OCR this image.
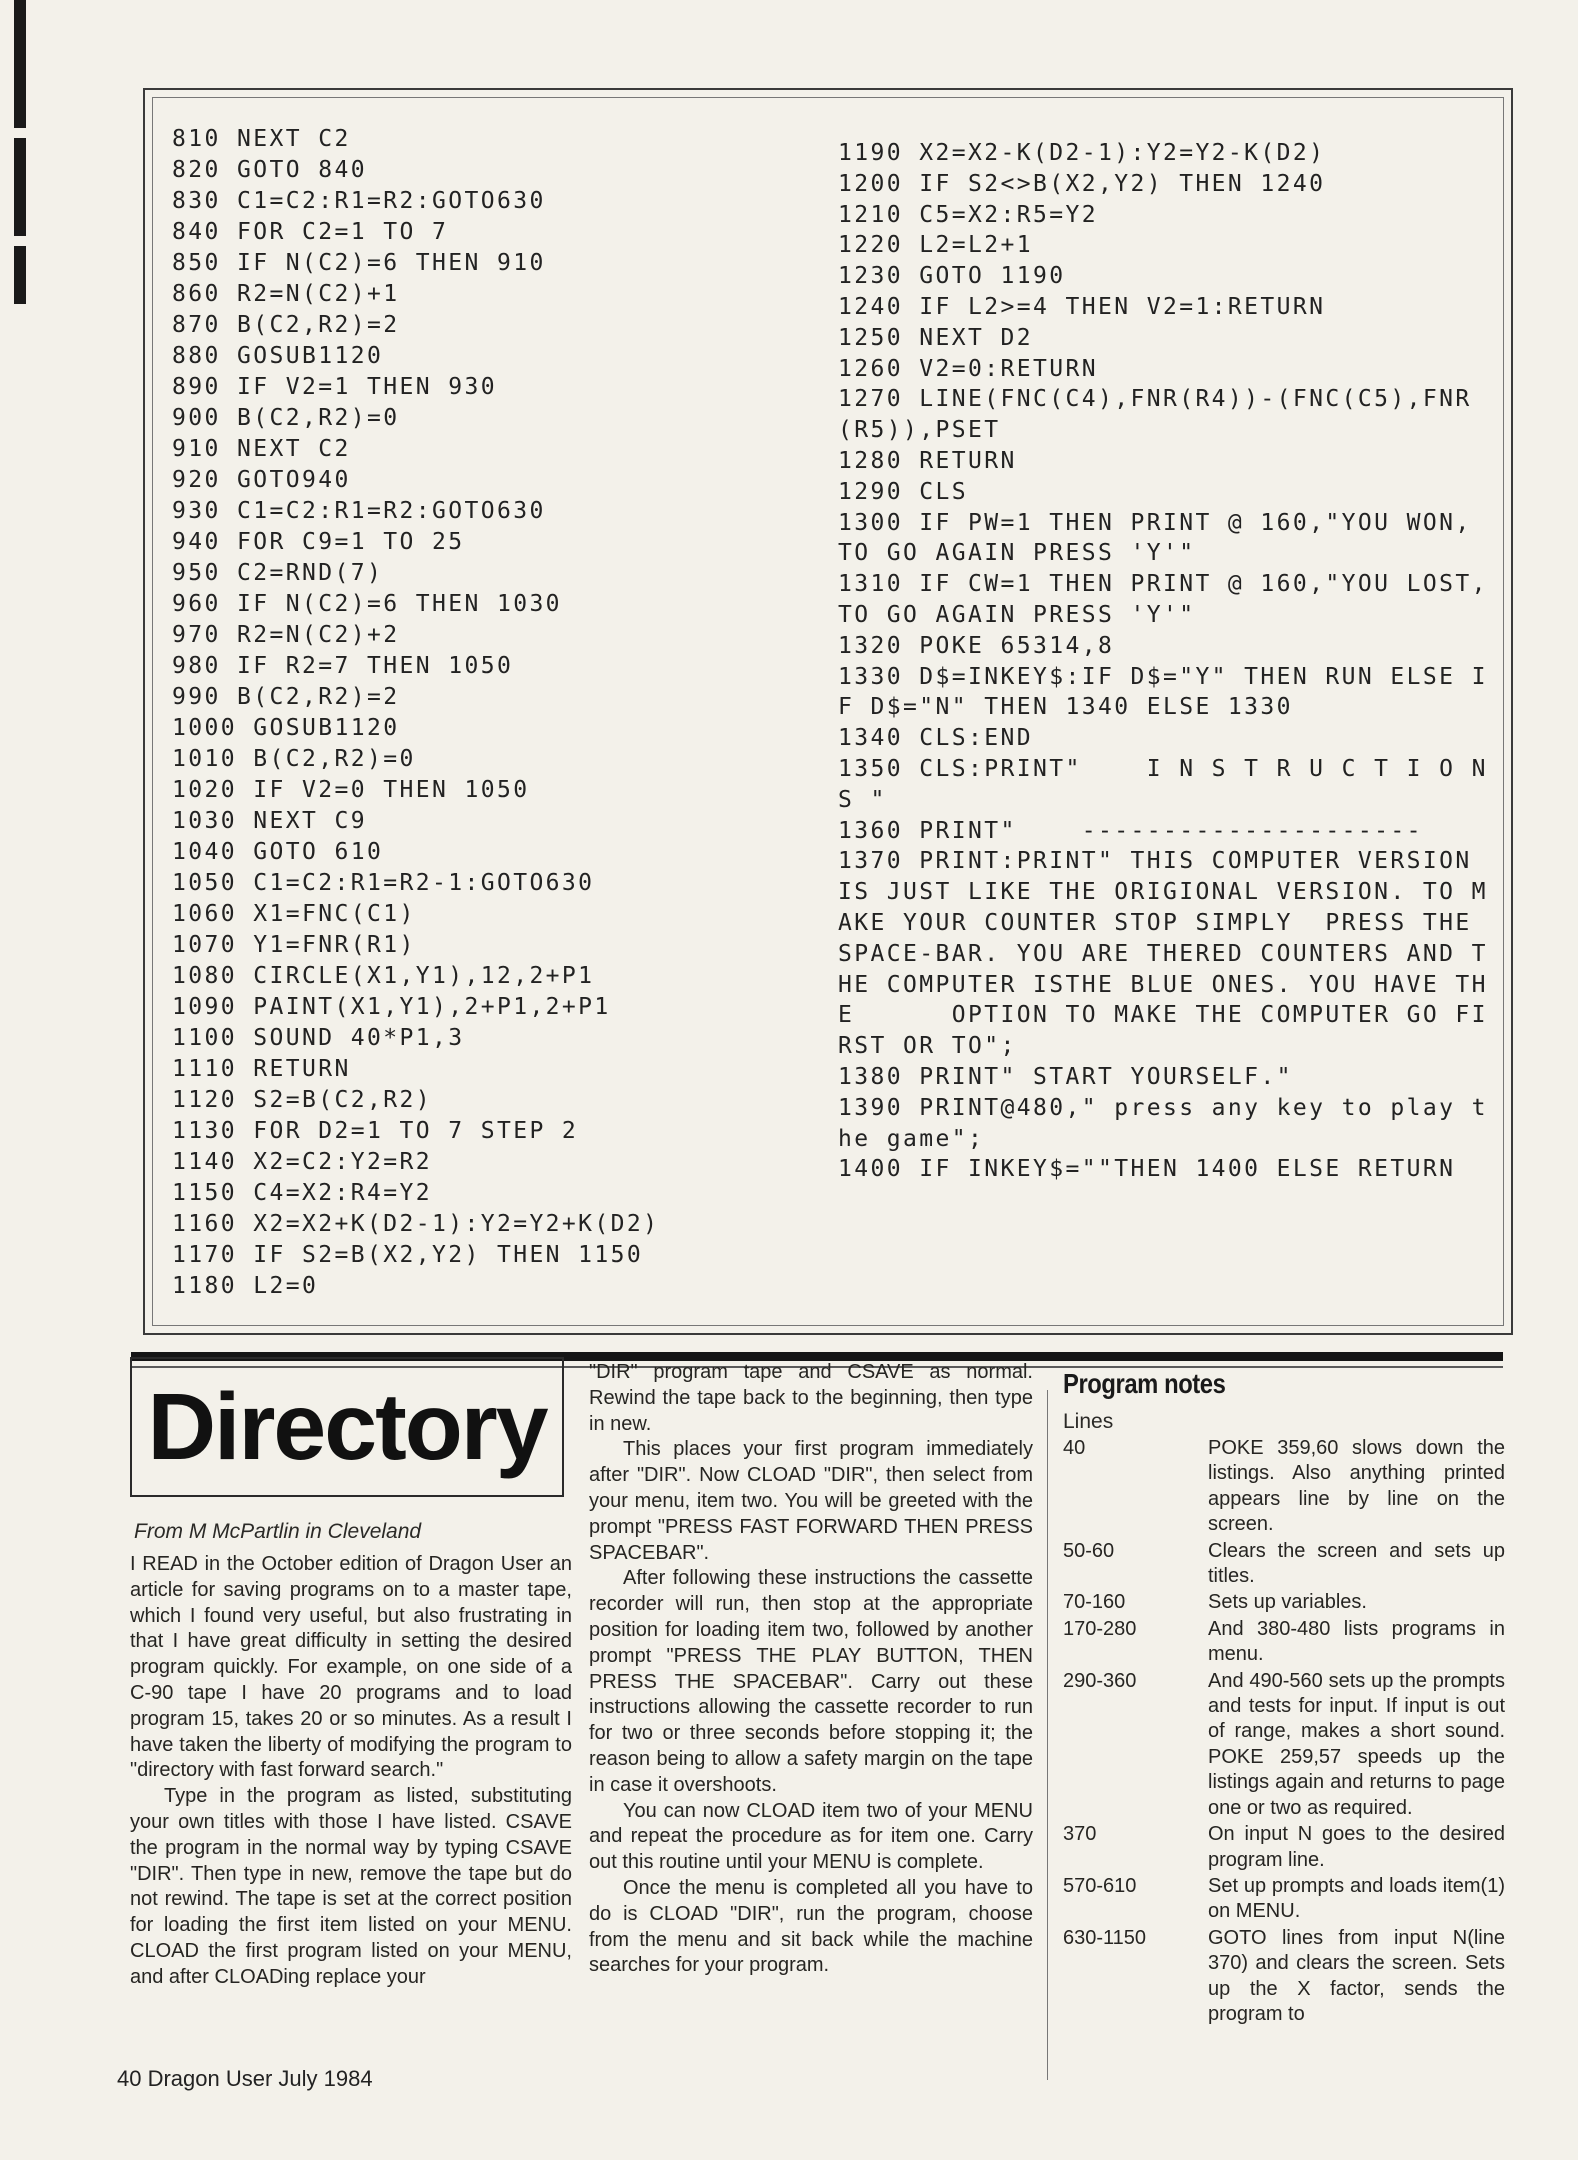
810 NEXT C2
820 GOTO 840
830 C1=C2:R1=R2:GOTO630
840 FOR C2=1 TO 7
850 IF N(C2)=6 THEN 910
860 R2=N(C2)+1
870 B(C2,R2)=2
880 GOSUB1120
890 IF V2=1 THEN 930
900 B(C2,R2)=0
910 NEXT C2
920 GOTO940
930 C1=C2:R1=R2:GOTO630
940 FOR C9=1 TO 25
950 C2=RND(7)
960 IF N(C2)=6 THEN 1030
970 R2=N(C2)+2
980 IF R2=7 THEN 1050
990 B(C2,R2)=2
1000 GOSUB1120
1010 B(C2,R2)=0
1020 IF V2=0 THEN 1050
1030 NEXT C9
1040 GOTO 610
1050 C1=C2:R1=R2-1:GOTO630
1060 X1=FNC(C1)
1070 Y1=FNR(R1)
1080 CIRCLE(X1,Y1),12,2+P1
1090 PAINT(X1,Y1),2+P1,2+P1
1100 SOUND 40*P1,3
1110 RETURN
1120 S2=B(C2,R2)
1130 FOR D2=1 TO 7 STEP 2
1140 X2=C2:Y2=R2
1150 C4=X2:R4=Y2
1160 X2=X2+K(D2-1):Y2=Y2+K(D2)
1170 IF S2=B(X2,Y2) THEN 1150
1180 L2=0
1190 X2=X2-K(D2-1):Y2=Y2-K(D2)
1200 IF S2<>B(X2,Y2) THEN 1240
1210 C5=X2:R5=Y2
1220 L2=L2+1
1230 GOTO 1190
1240 IF L2>=4 THEN V2=1:RETURN
1250 NEXT D2
1260 V2=0:RETURN
1270 LINE(FNC(C4),FNR(R4))-(FNC(C5),FNR(R5)),PSET
1280 RETURN
1290 CLS
1300 IF PW=1 THEN PRINT @ 160,"YOU WON, TO GO AGAIN PRESS 'Y'"
1310 IF CW=1 THEN PRINT @ 160,"YOU LOST, TO GO AGAIN PRESS 'Y'"
1320 POKE 65314,8
1330 D$=INKEY$:IF D$="Y" THEN RUN ELSE IF D$="N" THEN 1340 ELSE 1330
1340 CLS:END
1350 CLS:PRINT"    I N S T R U C T I O N S "
1360 PRINT"    ---------------------
1370 PRINT:PRINT" THIS COMPUTER VERSION IS JUST LIKE THE ORIGIONAL VERSION. TO MAKE YOUR COUNTER STOP SIMPLY  PRESS THE SPACE-BAR. YOU ARE THERED COUNTERS AND THE COMPUTER ISTHE BLUE ONES. YOU HAVE THE      OPTION TO MAKE THE COMPUTER GO FIRST OR TO";
1380 PRINT" START YOURSELF."
1390 PRINT@480," press any key to play the game";
1400 IF INKEY$=""THEN 1400 ELSE RETURN
Directory
From M McPartlin in Cleveland

I READ in the October edition of Dragon User an article for saving programs on to a master tape, which I found very useful, but also frustrating in that I have great difficulty in setting the desired program quickly. For example, on one side of a C-90 tape I have 20 programs and to load program 15, takes 20 or so minutes. As a result I have taken the liberty of modifying the program to "directory with fast forward search."

Type in the program as listed, substituting your own titles with those I have listed. CSAVE the program in the normal way by typing CSAVE "DIR". Then type in new, remove the tape but do not rewind. The tape is set at the correct position for loading the first item listed on your MENU. CLOAD the first program listed on your MENU, and after CLOADing replace your

"DIR" program tape and CSAVE as normal. Rewind the tape back to the beginning, then type in new.

This places your first program immediately after "DIR". Now CLOAD "DIR", then select from your menu, item two. You will be greeted with the prompt "PRESS FAST FORWARD THEN PRESS SPACEBAR".

After following these instructions the cassette recorder will run, then stop at the appropriate position for loading item two, followed by another prompt "PRESS THE PLAY BUTTON, THEN PRESS THE SPACEBAR". Carry out these instructions allowing the cassette recorder to run for two or three seconds before stopping it; the reason being to allow a safety margin on the tape in case it overshoots.

You can now CLOAD item two of your MENU and repeat the procedure as for item one. Carry out this routine until your MENU is complete.

Once the menu is completed all you have to do is CLOAD "DIR", run the program, choose from the menu and sit back while the machine searches for your program.

Program notes
Lines
40	POKE 359,60 slows down the listings. Also anything printed appears line by line on the screen.
50-60	Clears the screen and sets up titles.
70-160	Sets up variables.
170-280	And 380-480 lists programs in menu.
290-360	And 490-560 sets up the prompts and tests for input. If input is out of range, makes a short sound. POKE 259,57 speeds up the listings again and returns to page one or two as required.
370	On input N goes to the desired program line.
570-610	Set up prompts and loads item(1) on MENU.
630-1150	GOTO lines from input N(line 370) and clears the screen. Sets up the X factor, sends the program to
40 Dragon User July 1984
